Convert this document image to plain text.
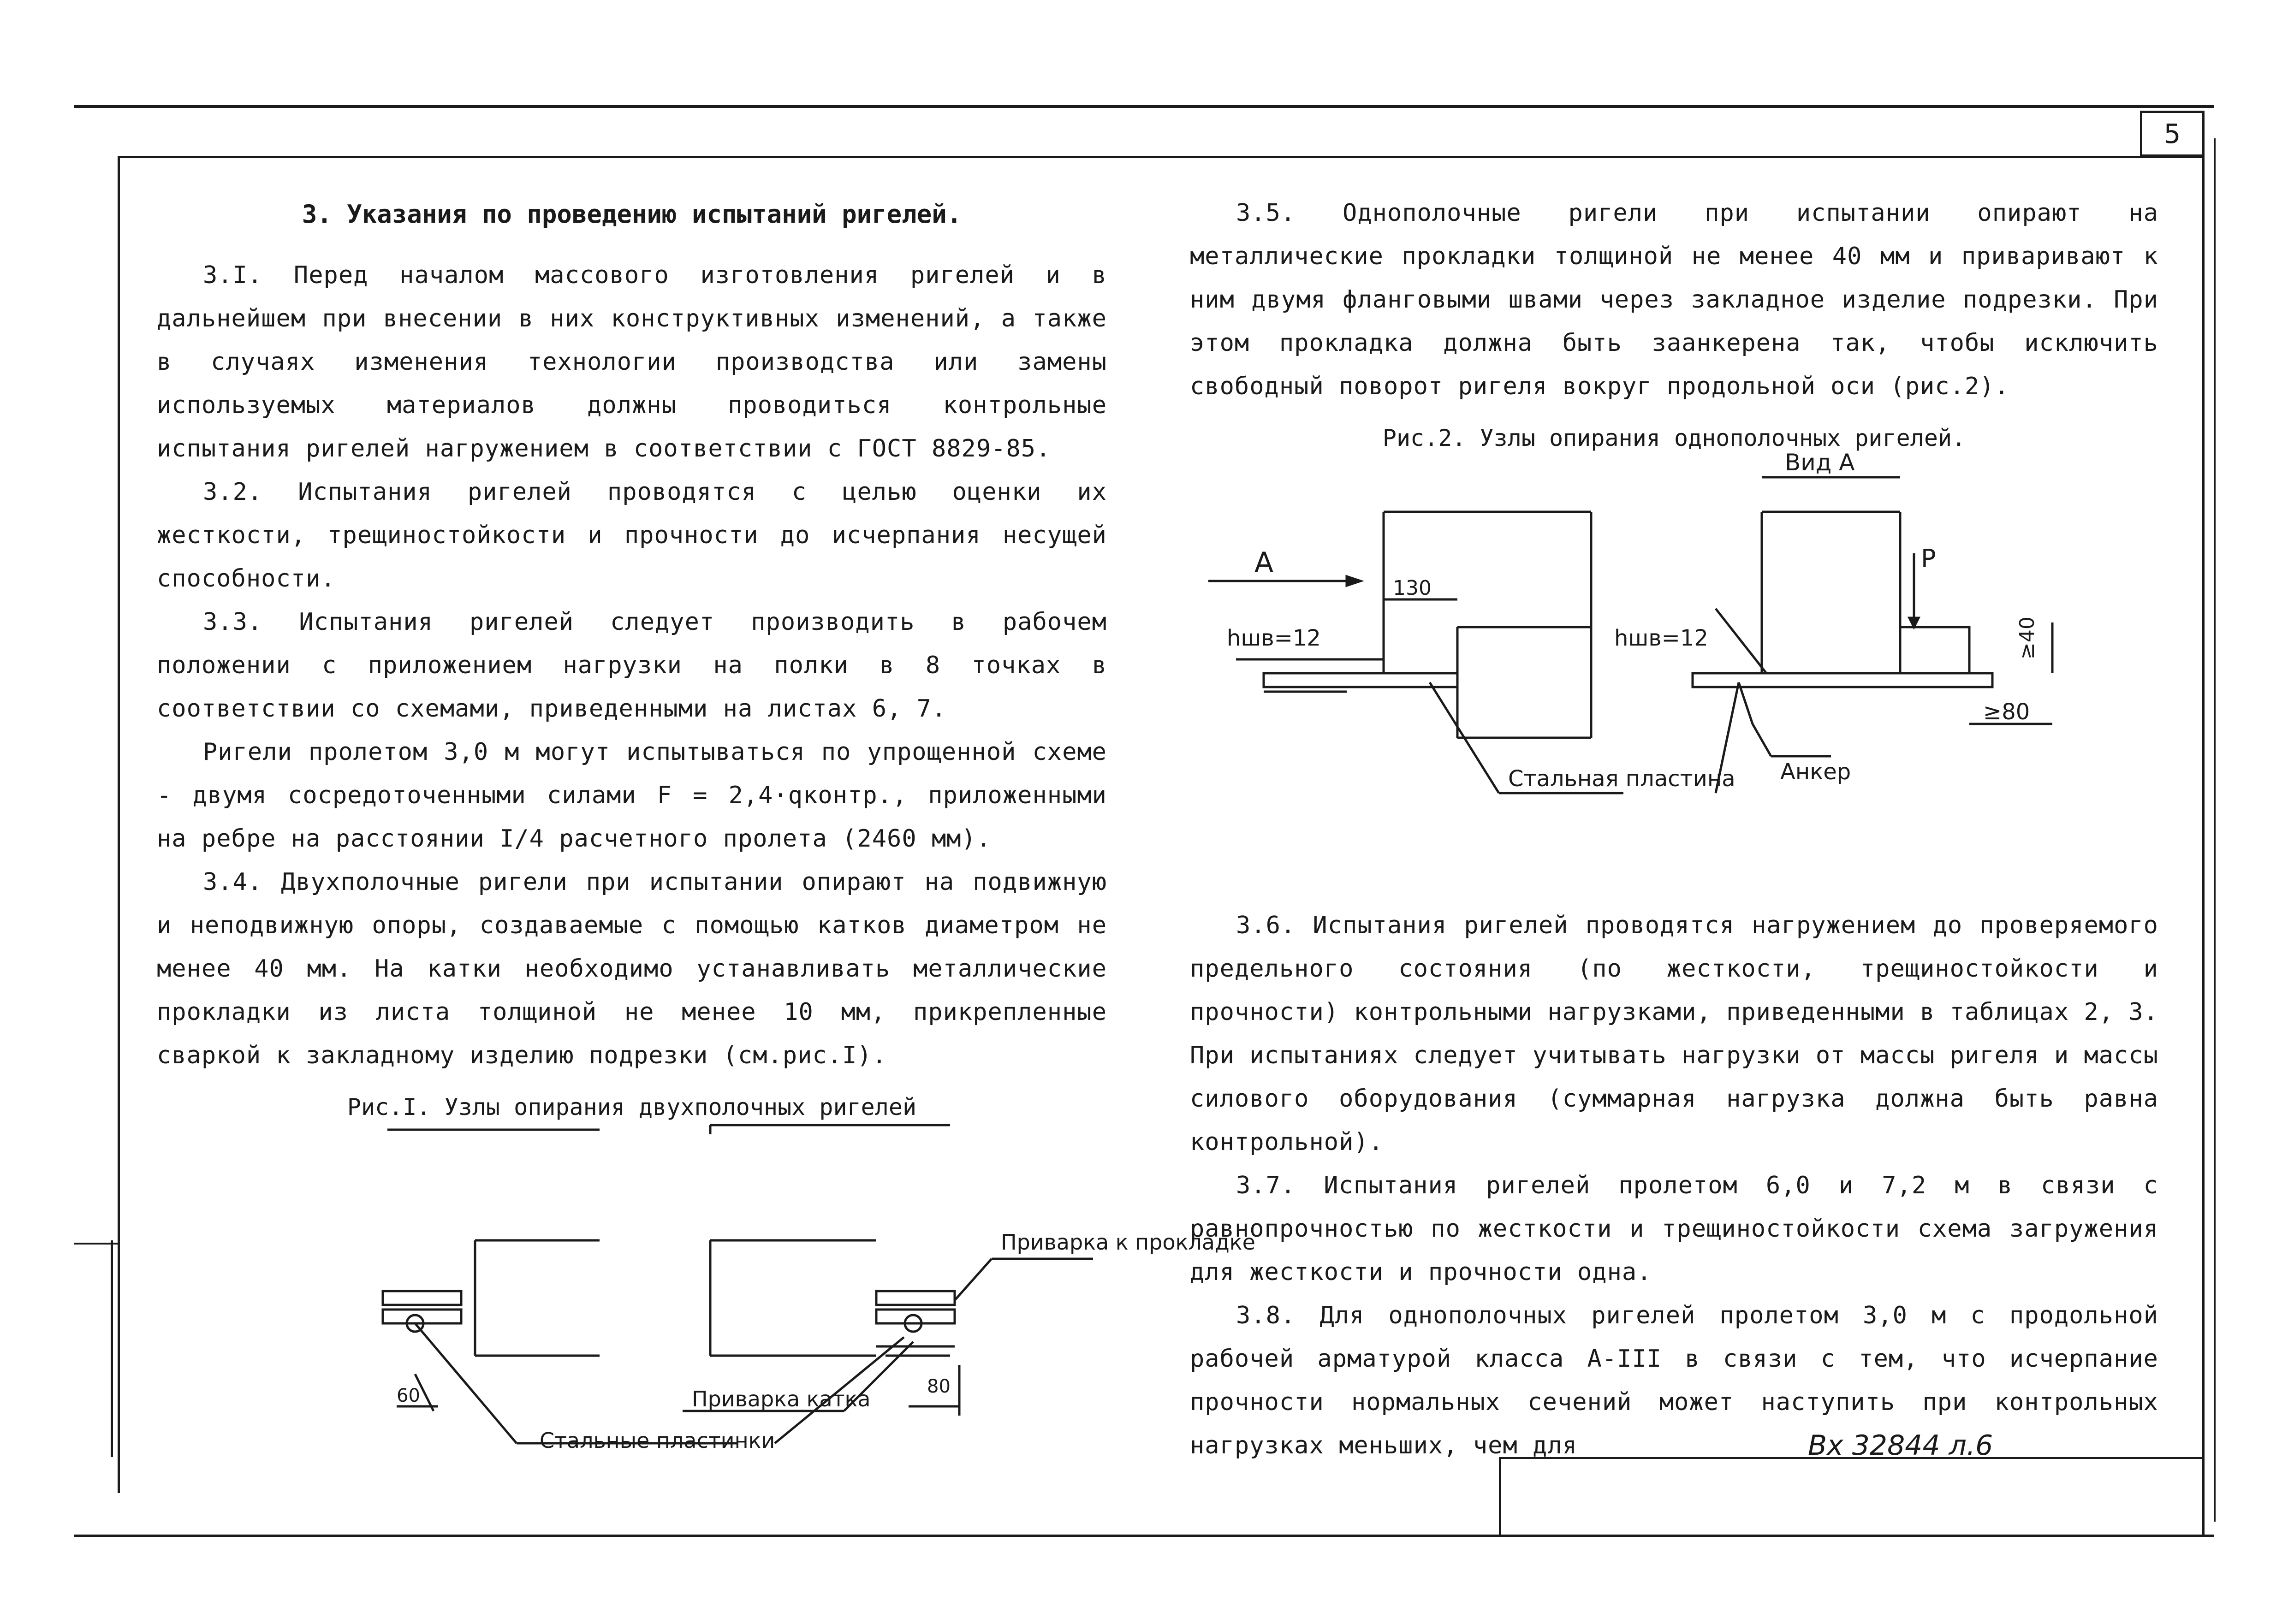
5

3. Указания по проведению испытаний ригелей.

3.I. Перед началом массового изготовления ригелей и в дальнейшем при внесении в них конструктивных изменений, а также в случаях изменения технологии производства или замены используемых материалов должны проводиться контрольные испытания ригелей нагружением в соответствии с ГОСТ 8829-85.

3.2. Испытания ригелей проводятся с целью оценки их жесткости, трещиностойкости и прочности до исчерпания несущей способности.

3.3. Испытания ригелей следует производить в рабочем положении с приложением нагрузки на полки в 8 точках в соответствии со схемами, приведенными на листах 6, 7.

Ригели пролетом 3,0 м могут испытываться по упрощенной схеме - двумя сосредоточенными силами F = 2,4·qконтр., приложенными на ребре на расстоянии I/4 расчетного пролета (2460 мм).

3.4. Двухполочные ригели при испытании опирают на подвижную и неподвижную опоры, создаваемые с помощью катков диаметром не менее 40 мм. На катки необходимо устанавливать металлические прокладки из листа толщиной не менее 10 мм, прикрепленные сваркой к закладному изделию подрезки (см.рис.I).

Рис.I. Узлы опирания двухполочных ригелей

Приварка к прокладке
Приварка катка
Стальные пластинки
60	80

3.5. Однополочные ригели при испытании опирают на металлические прокладки толщиной не менее 40 мм и приваривают к ним двумя фланговыми швами через закладное изделие подрезки. При этом прокладка должна быть заанкерена так, чтобы исключить свободный поворот ригеля вокруг продольной оси (рис.2).

Рис.2. Узлы опирания однополочных ригелей.

Вид А
А
130
hшв=12	hшв=12
P
≥40
≥80
Стальная пластина Анкер

3.6. Испытания ригелей проводятся нагружением до проверяемого предельного состояния (по жесткости, трещиностойкости и прочности) контрольными нагрузками, приведенными в таблицах 2, 3. При испытаниях следует учитывать нагрузки от массы ригеля и массы силового оборудования (суммарная нагрузка должна быть равна контрольной).

3.7. Испытания ригелей пролетом 6,0 и 7,2 м в связи с равнопрочностью по жесткости и трещиностойкости схема загружения для жесткости и прочности одна.

3.8. Для однополочных ригелей пролетом 3,0 м с продольной рабочей арматурой класса А-III в связи с тем, что исчерпание прочности нормальных сечений может наступить при контрольных нагрузках меньших, чем для	Вх 32844 л.6
